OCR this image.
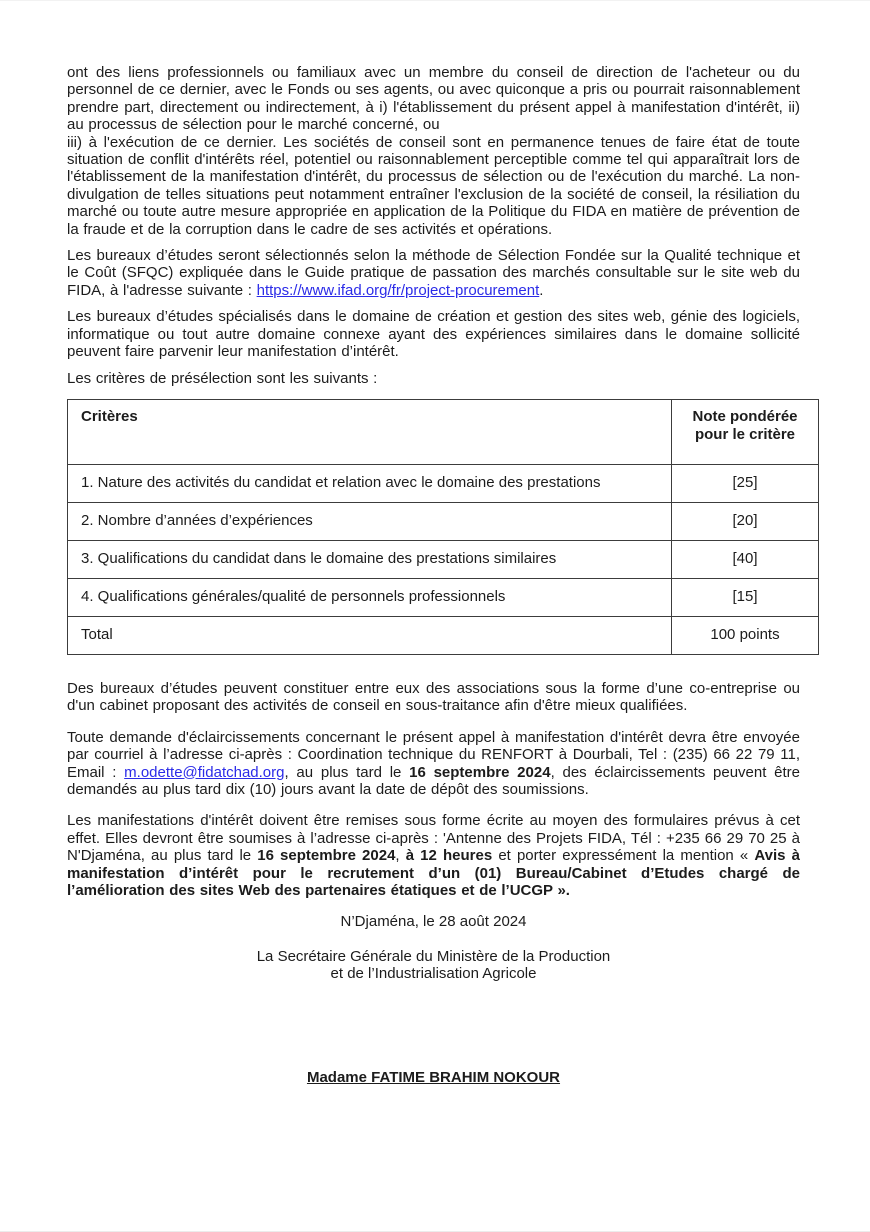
ont des liens professionnels ou familiaux avec un membre du conseil de direction de l'acheteur ou du personnel de ce dernier, avec le Fonds ou ses agents, ou avec quiconque a pris ou pourrait raisonnablement prendre part, directement ou indirectement, à i) l'établissement du présent appel à manifestation d'intérêt, ii) au processus de sélection pour le marché concerné, ou
iii) à l'exécution de ce dernier. Les sociétés de conseil sont en permanence tenues de faire état de toute situation de conflit d'intérêts réel, potentiel ou raisonnablement perceptible comme tel qui apparaîtrait lors de l'établissement de la manifestation d'intérêt, du processus de sélection ou de l'exécution du marché. La non-divulgation de telles situations peut notamment entraîner l'exclusion de la société de conseil, la résiliation du marché ou toute autre mesure appropriée en application de la Politique du FIDA en matière de prévention de la fraude et de la corruption dans le cadre de ses activités et opérations.

Les bureaux d’études seront sélectionnés selon la méthode de Sélection Fondée sur la Qualité technique et le Coût (SFQC) expliquée dans le Guide pratique de passation des marchés consultable sur le site web du FIDA, à l'adresse suivante : https://www.ifad.org/fr/project-procurement.

Les bureaux d’études spécialisés dans le domaine de création et gestion des sites web, génie des logiciels, informatique ou tout autre domaine connexe ayant des expériences similaires dans le domaine sollicité peuvent faire parvenir leur manifestation d’intérêt.

Les critères de présélection sont les suivants :

Critères	Note pondérée pour le critère
1. Nature des activités du candidat et relation avec le domaine des prestations	[25]
2. Nombre d’années d’expériences	[20]
3. Qualifications du candidat dans le domaine des prestations similaires	[40]
4. Qualifications générales/qualité de personnels professionnels	[15]
Total	100 points

Des bureaux d’études peuvent constituer entre eux des associations sous la forme d’une co-entreprise ou d'un cabinet proposant des activités de conseil en sous-traitance afin d'être mieux qualifiées.

Toute demande d'éclaircissements concernant le présent appel à manifestation d'intérêt devra être envoyée par courriel à l’adresse ci-après : Coordination technique du RENFORT à Dourbali, Tel : (235) 66 22 79 11, Email : m.odette@fidatchad.org, au plus tard le 16 septembre 2024, des éclaircissements peuvent être demandés au plus tard dix (10) jours avant la date de dépôt des soumissions.

Les manifestations d'intérêt doivent être remises sous forme écrite au moyen des formulaires prévus à cet effet. Elles devront être soumises à l’adresse ci-après : 'Antenne des Projets FIDA, Tél : +235 66 29 70 25 à N'Djaména, au plus tard le 16 septembre 2024, à 12 heures et porter expressément la mention « Avis à manifestation d’intérêt pour le recrutement d’un (01) Bureau/Cabinet d’Etudes chargé de l’amélioration des sites Web des partenaires étatiques et de l’UCGP ».

N’Djaména, le 28 août 2024

La Secrétaire Générale du Ministère de la Production

et de l’Industrialisation Agricole

Madame FATIME BRAHIM NOKOUR
